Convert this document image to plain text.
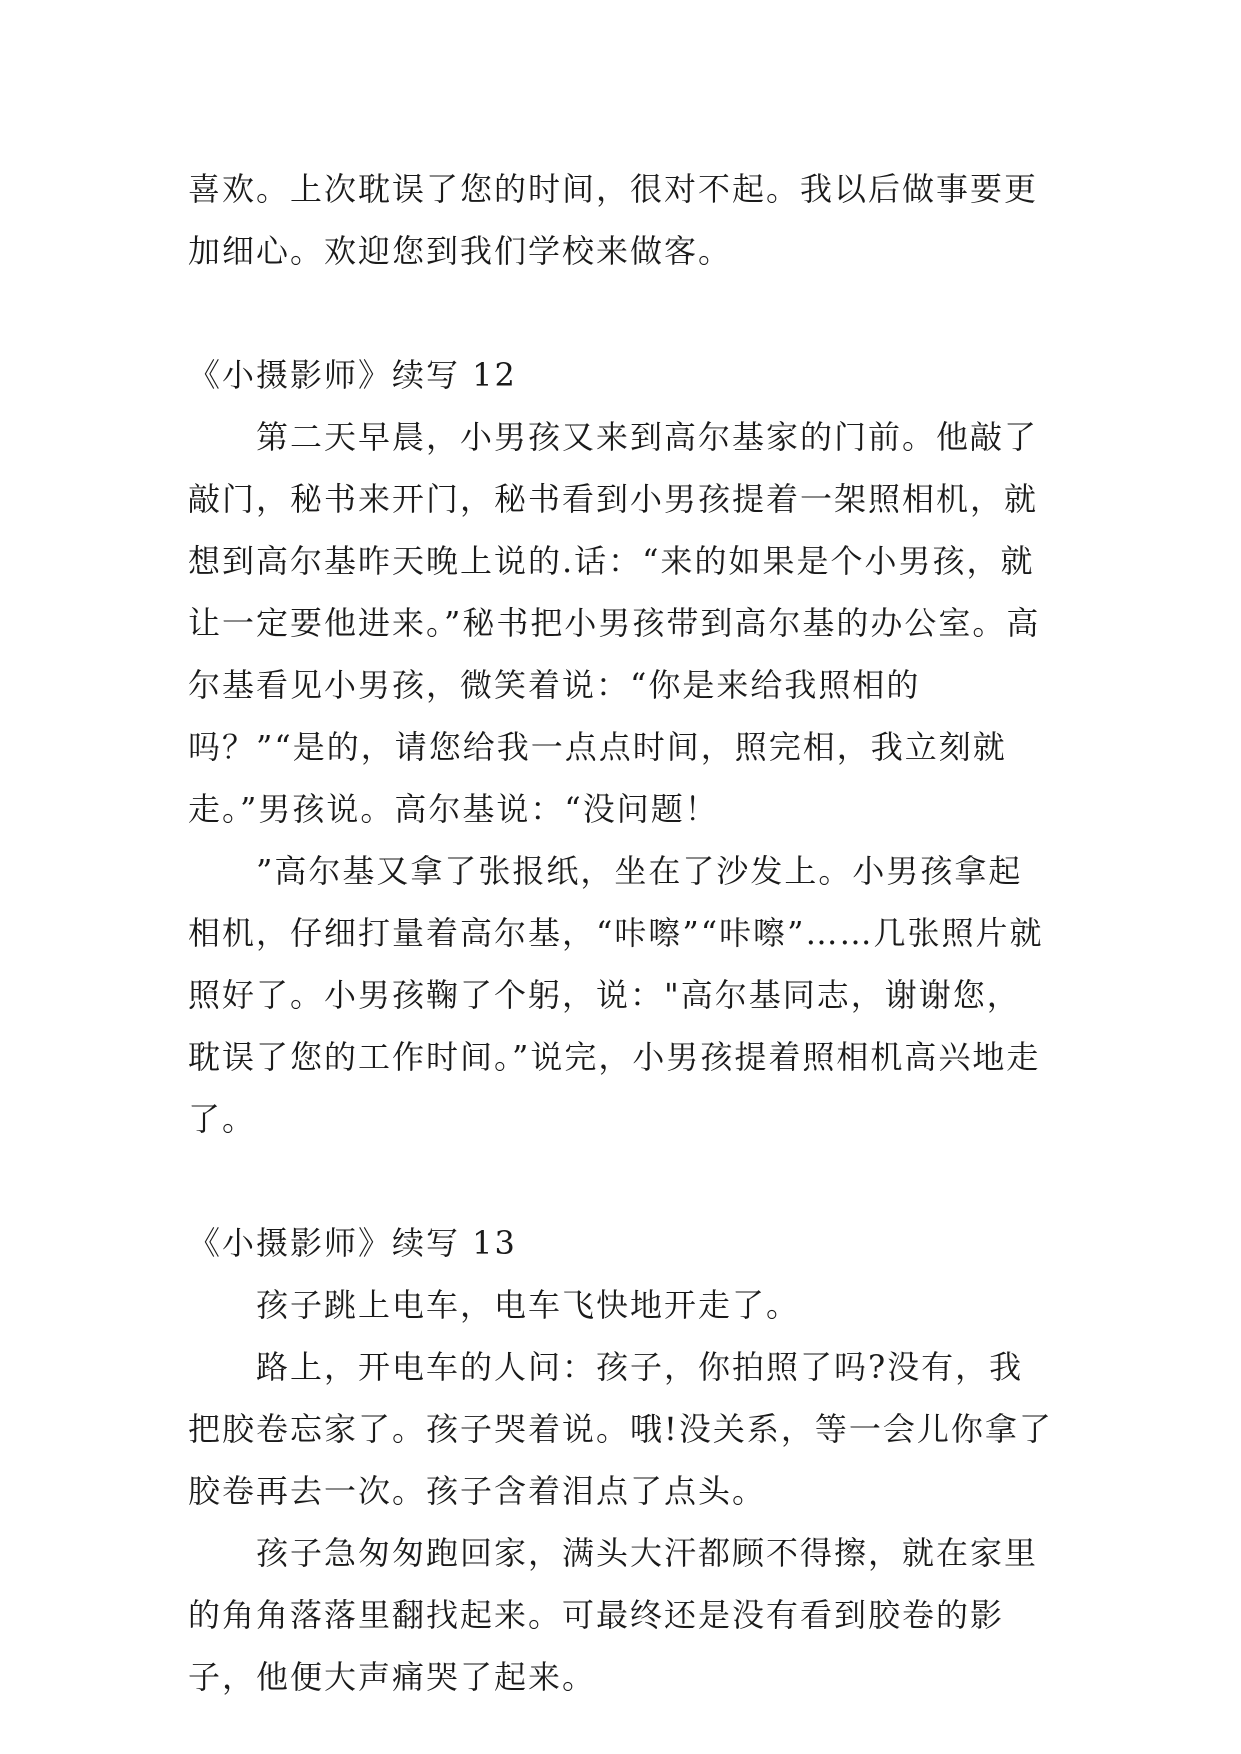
喜欢。上次耽误了您的时间，很对不起。我以后做事要更加细心。欢迎您到我们学校来做客。

《小摄影师》续写 12

第二天早晨，小男孩又来到高尔基家的门前。他敲了敲门，秘书来开门，秘书看到小男孩提着一架照相机，就想到高尔基昨天晚上说的.话：“来的如果是个小男孩，就让一定要他进来。”秘书把小男孩带到高尔基的办公室。高尔基看见小男孩，微笑着说：“你是来给我照相的吗？”“是的，请您给我一点点时间，照完相，我立刻就走。”男孩说。高尔基说：“没问题！

”高尔基又拿了张报纸，坐在了沙发上。小男孩拿起相机，仔细打量着高尔基，“咔嚓”“咔嚓”……几张照片就照好了。小男孩鞠了个躬，说："高尔基同志，谢谢您，耽误了您的工作时间。”说完，小男孩提着照相机高兴地走了。

《小摄影师》续写 13

孩子跳上电车，电车飞快地开走了。

路上，开电车的人问：孩子，你拍照了吗?没有，我把胶卷忘家了。孩子哭着说。哦!没关系，等一会儿你拿了胶卷再去一次。孩子含着泪点了点头。

孩子急匆匆跑回家，满头大汗都顾不得擦，就在家里的角角落落里翻找起来。可最终还是没有看到胶卷的影子，他便大声痛哭了起来。
